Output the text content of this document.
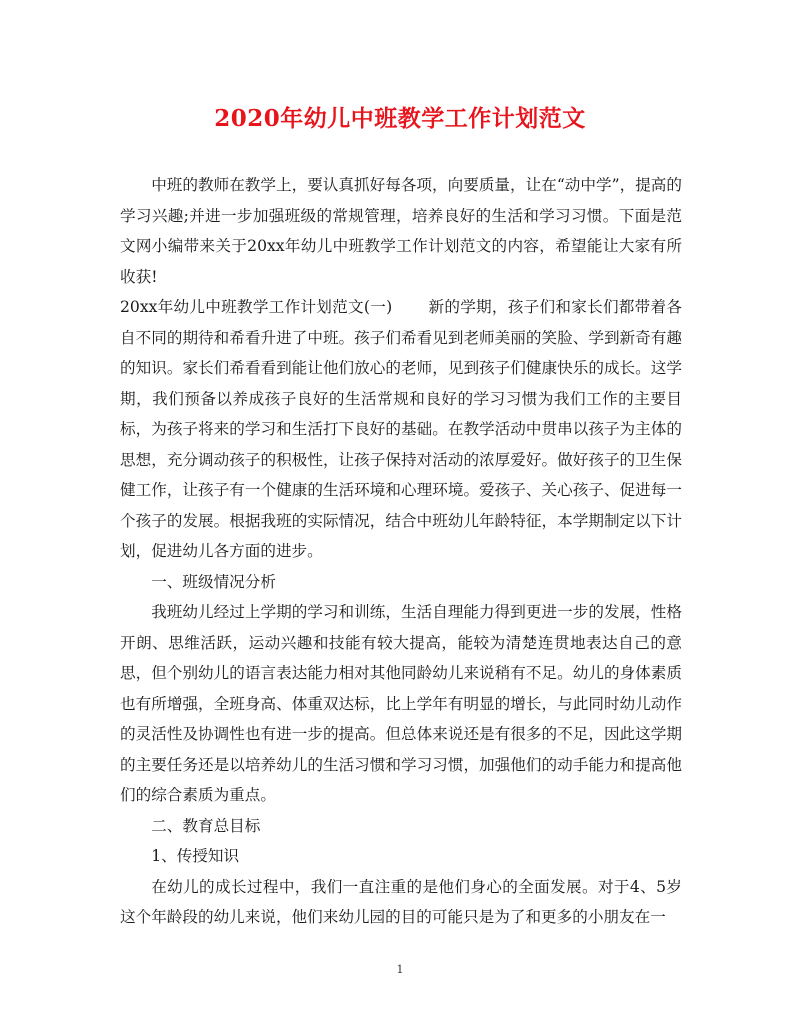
2020年幼儿中班教学工作计划范文

中班的教师在教学上，要认真抓好每各项，向要质量，让在“动中学”，提高的学习兴趣;并进一步加强班级的常规管理，培养良好的生活和学习习惯。下面是范文网小编带来关于20xx年幼儿中班教学工作计划范文的内容，希望能让大家有所收获!

20xx年幼儿中班教学工作计划范文(一) 新的学期，孩子们和家长们都带着各自不同的期待和希看升进了中班。孩子们希看见到老师美丽的笑脸、学到新奇有趣的知识。家长们希看看到能让他们放心的老师，见到孩子们健康快乐的成长。这学期，我们预备以养成孩子良好的生活常规和良好的学习习惯为我们工作的主要目标，为孩子将来的学习和生活打下良好的基础。在教学活动中贯串以孩子为主体的思想，充分调动孩子的积极性，让孩子保持对活动的浓厚爱好。做好孩子的卫生保健工作，让孩子有一个健康的生活环境和心理环境。爱孩子、关心孩子、促进每一个孩子的发展。根据我班的实际情况，结合中班幼儿年龄特征，本学期制定以下计划，促进幼儿各方面的进步。

一、班级情况分析

我班幼儿经过上学期的学习和训练，生活自理能力得到更进一步的发展，性格开朗、思维活跃，运动兴趣和技能有较大提高，能较为清楚连贯地表达自己的意思，但个别幼儿的语言表达能力相对其他同龄幼儿来说稍有不足。幼儿的身体素质也有所增强，全班身高、体重双达标，比上学年有明显的增长，与此同时幼儿动作的灵活性及协调性也有进一步的提高。但总体来说还是有很多的不足，因此这学期的主要任务还是以培养幼儿的生活习惯和学习习惯，加强他们的动手能力和提高他们的综合素质为重点。

二、教育总目标

1、传授知识

在幼儿的成长过程中，我们一直注重的是他们身心的全面发展。对于4、5岁这个年龄段的幼儿来说，他们来幼儿园的目的可能只是为了和更多的小朋友在一

1
